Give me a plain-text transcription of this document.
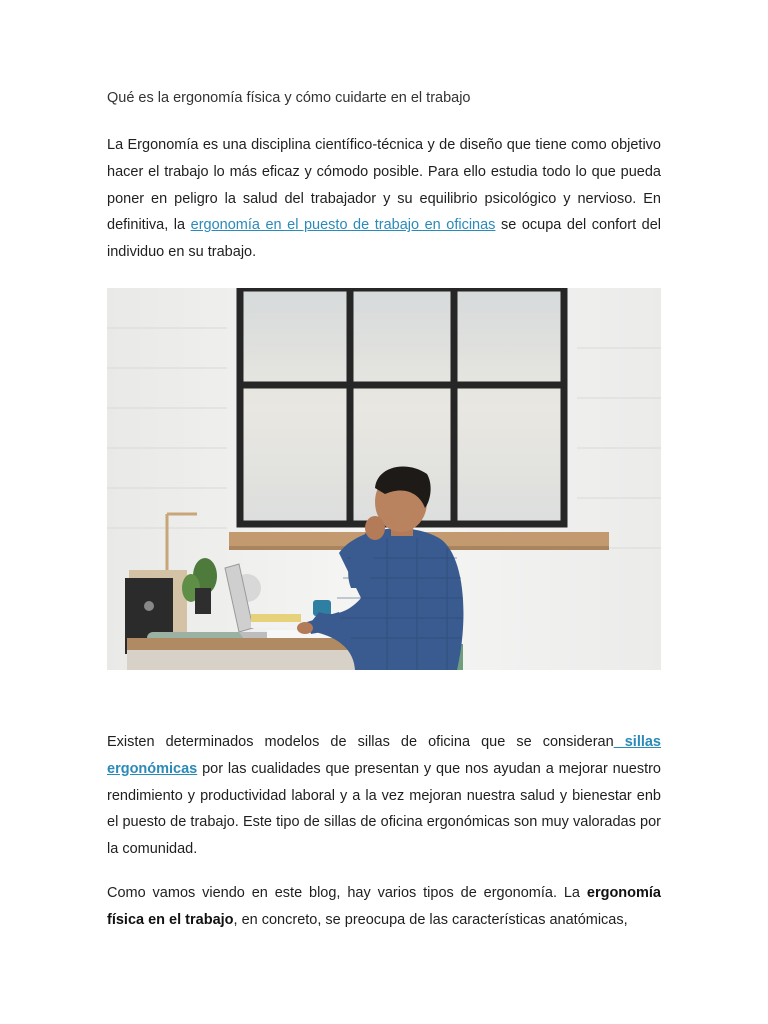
Qué es la ergonomía física y cómo cuidarte en el trabajo

La Ergonomía es una disciplina científico-técnica y de diseño que tiene como objetivo hacer el trabajo lo más eficaz y cómodo posible. Para ello estudia todo lo que pueda poner en peligro la salud del trabajador y su equilibrio psicológico y nervioso. En definitiva, la ergonomía en el puesto de trabajo en oficinas se ocupa del confort del individuo en su trabajo.

Existen determinados modelos de sillas de oficina que se consideran sillas ergonómicas por las cualidades que presentan y que nos ayudan a mejorar nuestro rendimiento y productividad laboral y a la vez mejoran nuestra salud y bienestar enb el puesto de trabajo. Este tipo de sillas de oficina ergonómicas son muy valoradas por la comunidad.

Como vamos viendo en este blog, hay varios tipos de ergonomía. La ergonomía física en el trabajo, en concreto, se preocupa de las características anatómicas,
